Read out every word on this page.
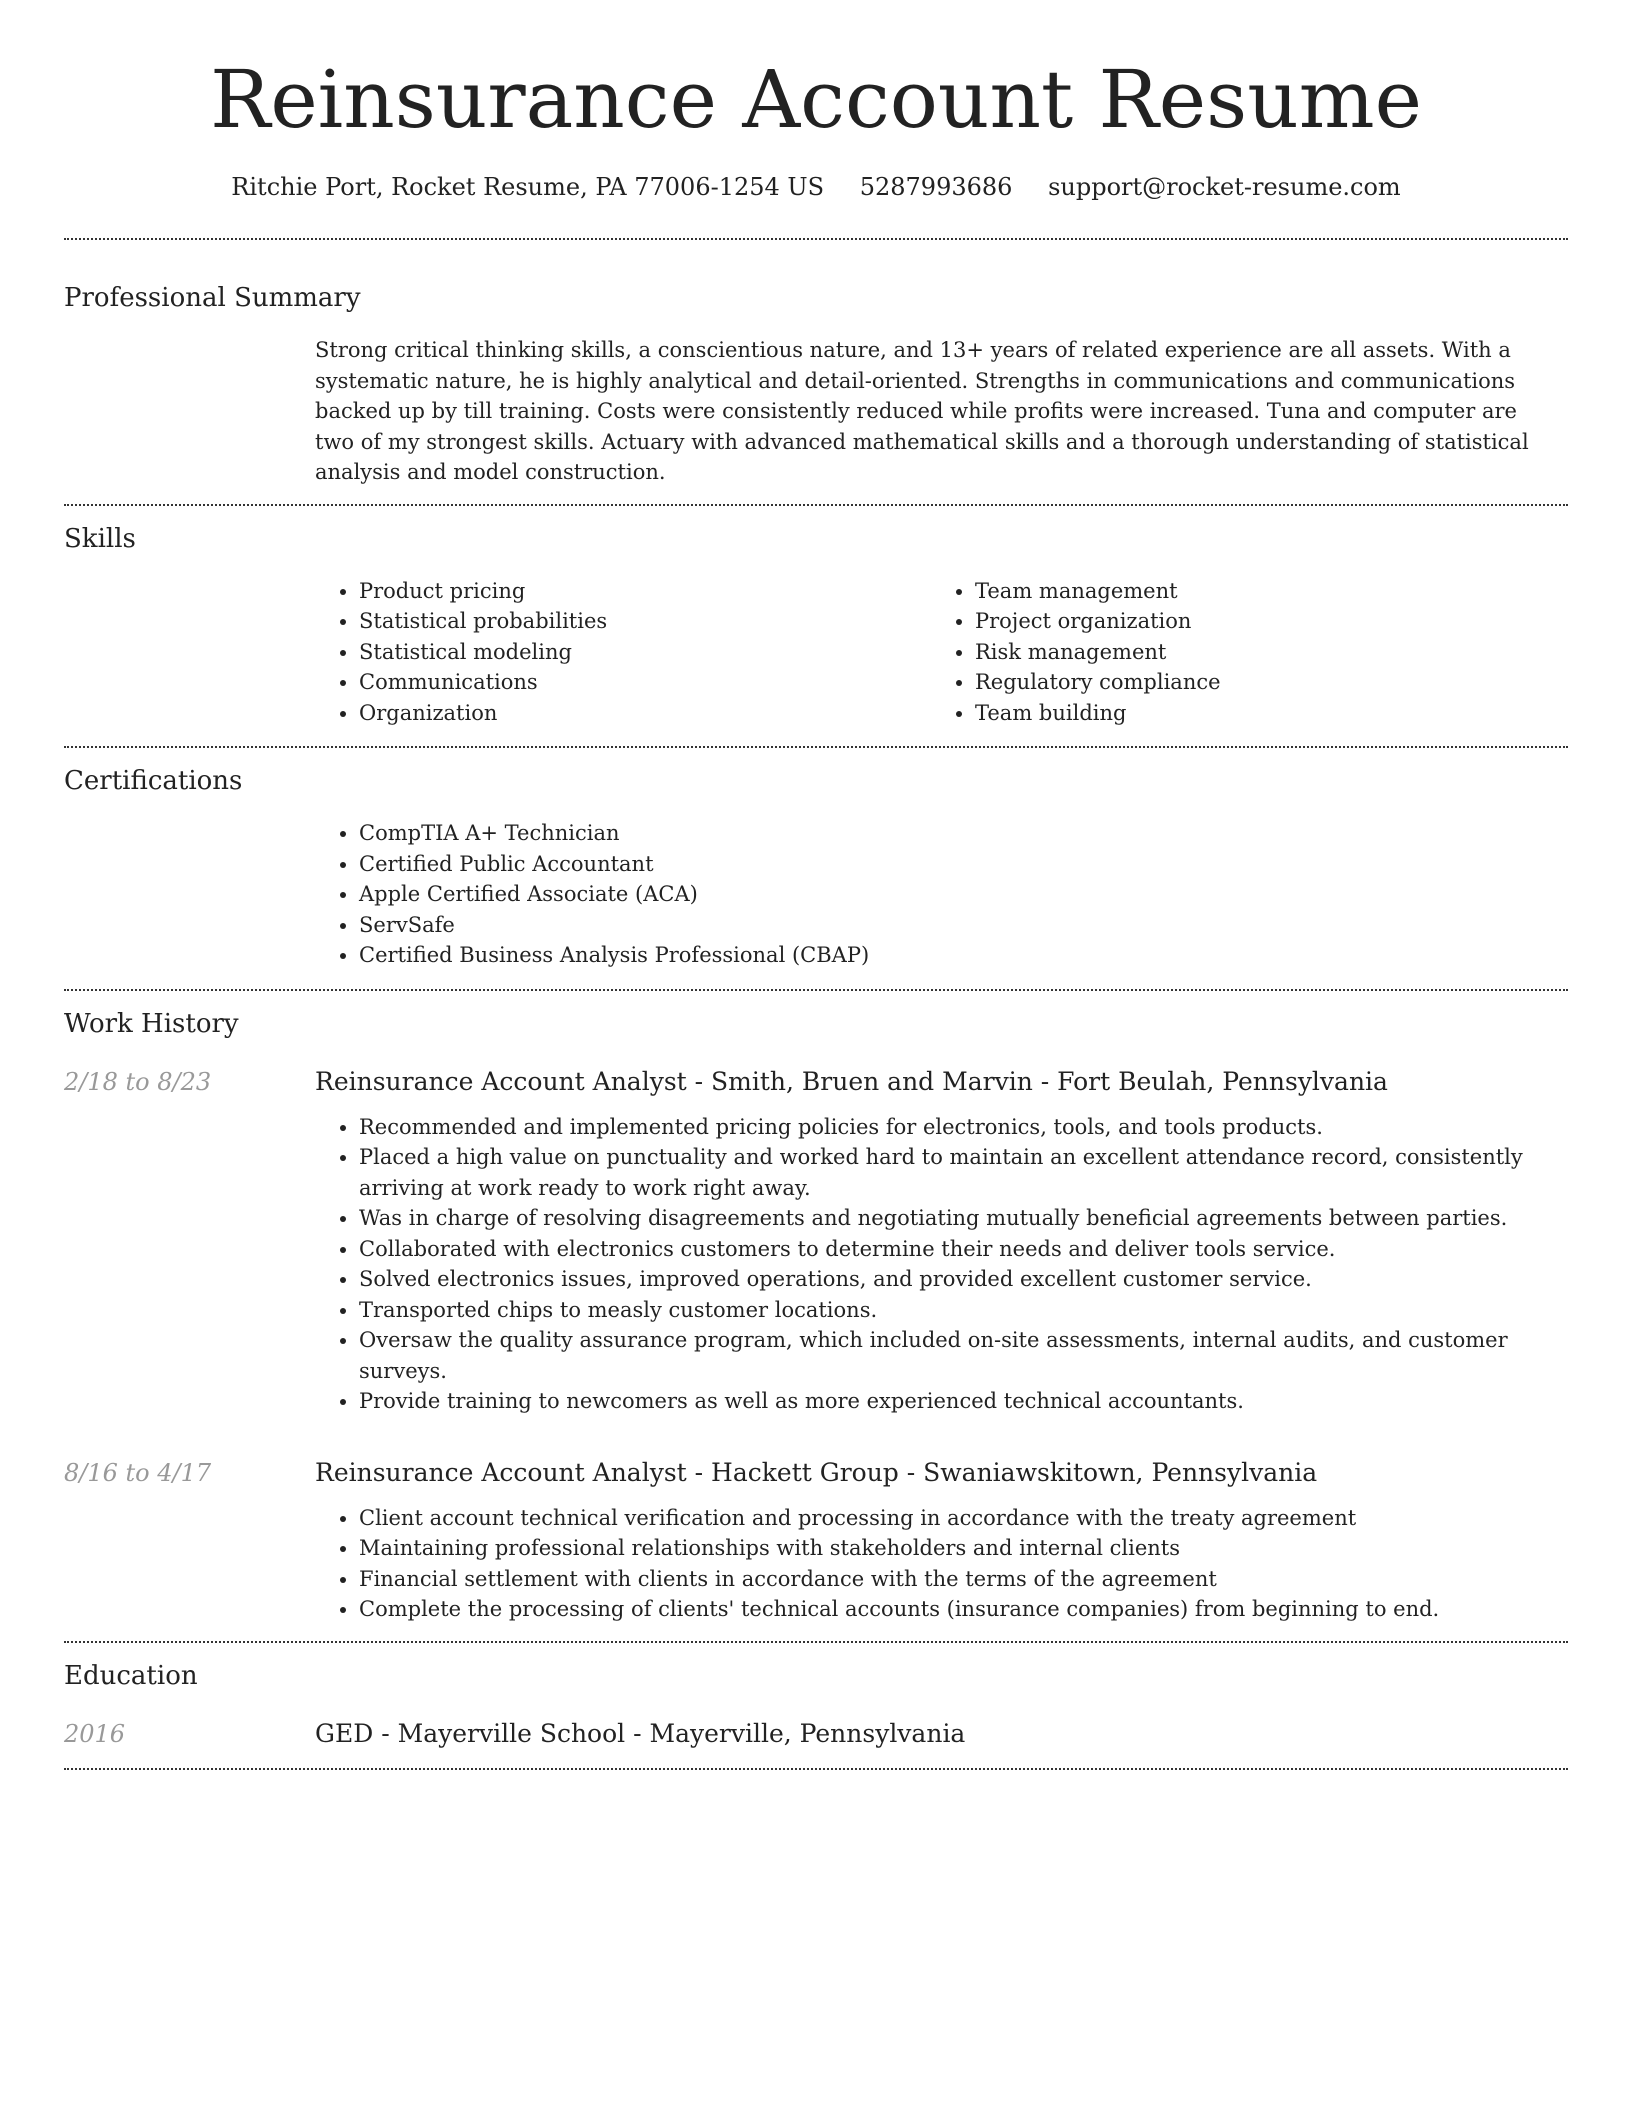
Reinsurance Account Resume
Ritchie Port, Rocket Resume, PA 77006-1254 US 5287993686 support@rocket-resume.com
Professional Summary
Strong critical thinking skills, a conscientious nature, and 13+ years of related experience are all assets. With a systematic nature, he is highly analytical and detail-oriented. Strengths in communications and communications backed up by till training. Costs were consistently reduced while profits were increased. Tuna and computer are two of my strongest skills. Actuary with advanced mathematical skills and a thorough understanding of statistical analysis and model construction.
Skills
• Product pricing
• Statistical probabilities
• Statistical modeling
• Communications
• Organization
• Team management
• Project organization
• Risk management
• Regulatory compliance
• Team building
Certifications
• CompTIA A+ Technician
• Certified Public Accountant
• Apple Certified Associate (ACA)
• ServSafe
• Certified Business Analysis Professional (CBAP)
Work History
2/18 to 8/23	Reinsurance Account Analyst - Smith, Bruen and Marvin - Fort Beulah, Pennsylvania
• Recommended and implemented pricing policies for electronics, tools, and tools products.
• Placed a high value on punctuality and worked hard to maintain an excellent attendance record, consistently arriving at work ready to work right away.
• Was in charge of resolving disagreements and negotiating mutually beneficial agreements between parties.
• Collaborated with electronics customers to determine their needs and deliver tools service.
• Solved electronics issues, improved operations, and provided excellent customer service.
• Transported chips to measly customer locations.
• Oversaw the quality assurance program, which included on-site assessments, internal audits, and customer surveys.
• Provide training to newcomers as well as more experienced technical accountants.
8/16 to 4/17	Reinsurance Account Analyst - Hackett Group - Swaniawskitown, Pennsylvania
• Client account technical verification and processing in accordance with the treaty agreement
• Maintaining professional relationships with stakeholders and internal clients
• Financial settlement with clients in accordance with the terms of the agreement
• Complete the processing of clients' technical accounts (insurance companies) from beginning to end.
Education
2016	GED - Mayerville School - Mayerville, Pennsylvania
